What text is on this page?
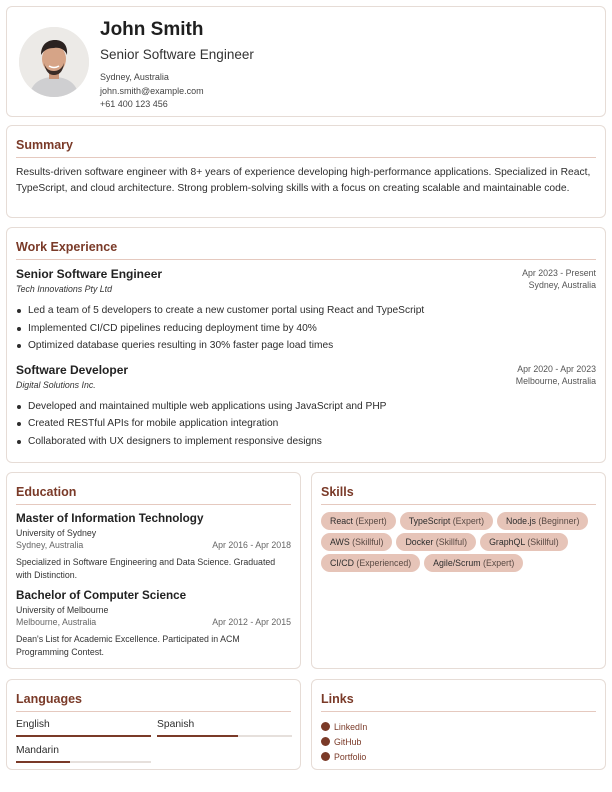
John Smith
Senior Software Engineer
Sydney, Australia
john.smith@example.com
+61 400 123 456
Summary
Results-driven software engineer with 8+ years of experience developing high-performance applications. Specialized in React, TypeScript, and cloud architecture. Strong problem-solving skills with a focus on creating scalable and maintainable code.
Work Experience
Senior Software Engineer
Tech Innovations Pty Ltd
Apr 2023 - Present
Sydney, Australia
Led a team of 5 developers to create a new customer portal using React and TypeScript
Implemented CI/CD pipelines reducing deployment time by 40%
Optimized database queries resulting in 30% faster page load times
Software Developer
Digital Solutions Inc.
Apr 2020 - Apr 2023
Melbourne, Australia
Developed and maintained multiple web applications using JavaScript and PHP
Created RESTful APIs for mobile application integration
Collaborated with UX designers to implement responsive designs
Education
Master of Information Technology
University of Sydney
Sydney, Australia	Apr 2016 - Apr 2018
Specialized in Software Engineering and Data Science. Graduated with Distinction.
Bachelor of Computer Science
University of Melbourne
Melbourne, Australia	Apr 2012 - Apr 2015
Dean's List for Academic Excellence. Participated in ACM Programming Contest.
Skills
React (Expert)	TypeScript (Expert)	Node.js (Beginner)
AWS (Skillful)	Docker (Skillful)	GraphQL (Skillful)
CI/CD (Experienced)	Agile/Scrum (Expert)
Languages
English	Spanish
Mandarin
Links
LinkedIn
GitHub
Portfolio
